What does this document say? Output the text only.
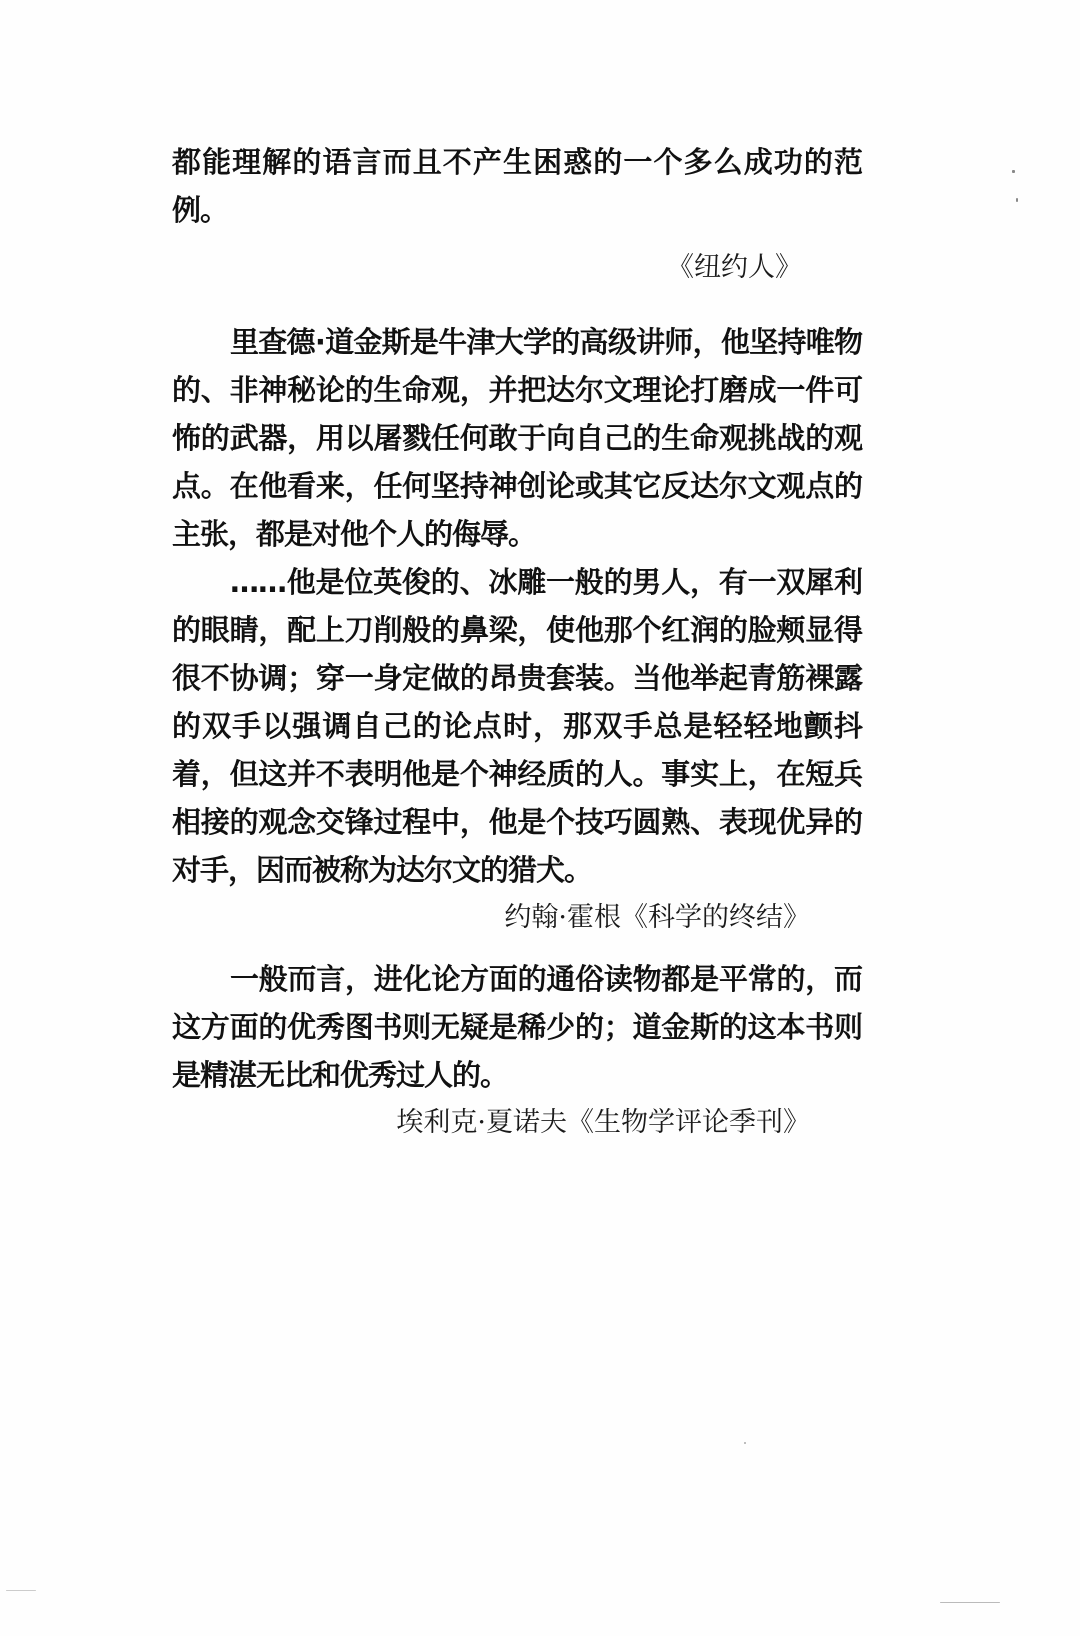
都能理解的语言而且不产生困惑的一个多么成功的范例。

《纽约人》

里查德·道金斯是牛津大学的高级讲师，他坚持唯物的、非神秘论的生命观，并把达尔文理论打磨成一件可怖的武器，用以屠戮任何敢于向自己的生命观挑战的观点。在他看来，任何坚持神创论或其它反达尔文观点的主张，都是对他个人的侮辱。

……他是位英俊的、冰雕一般的男人，有一双犀利的眼睛，配上刀削般的鼻梁，使他那个红润的脸颊显得很不协调；穿一身定做的昂贵套装。当他举起青筋裸露的双手以强调自己的论点时，那双手总是轻轻地颤抖着，但这并不表明他是个神经质的人。事实上，在短兵相接的观念交锋过程中，他是个技巧圆熟、表现优异的对手，因而被称为达尔文的猎犬。

约翰·霍根《科学的终结》

一般而言，进化论方面的通俗读物都是平常的，而这方面的优秀图书则无疑是稀少的；道金斯的这本书则是精湛无比和优秀过人的。

埃利克·夏诺夫《生物学评论季刊》
